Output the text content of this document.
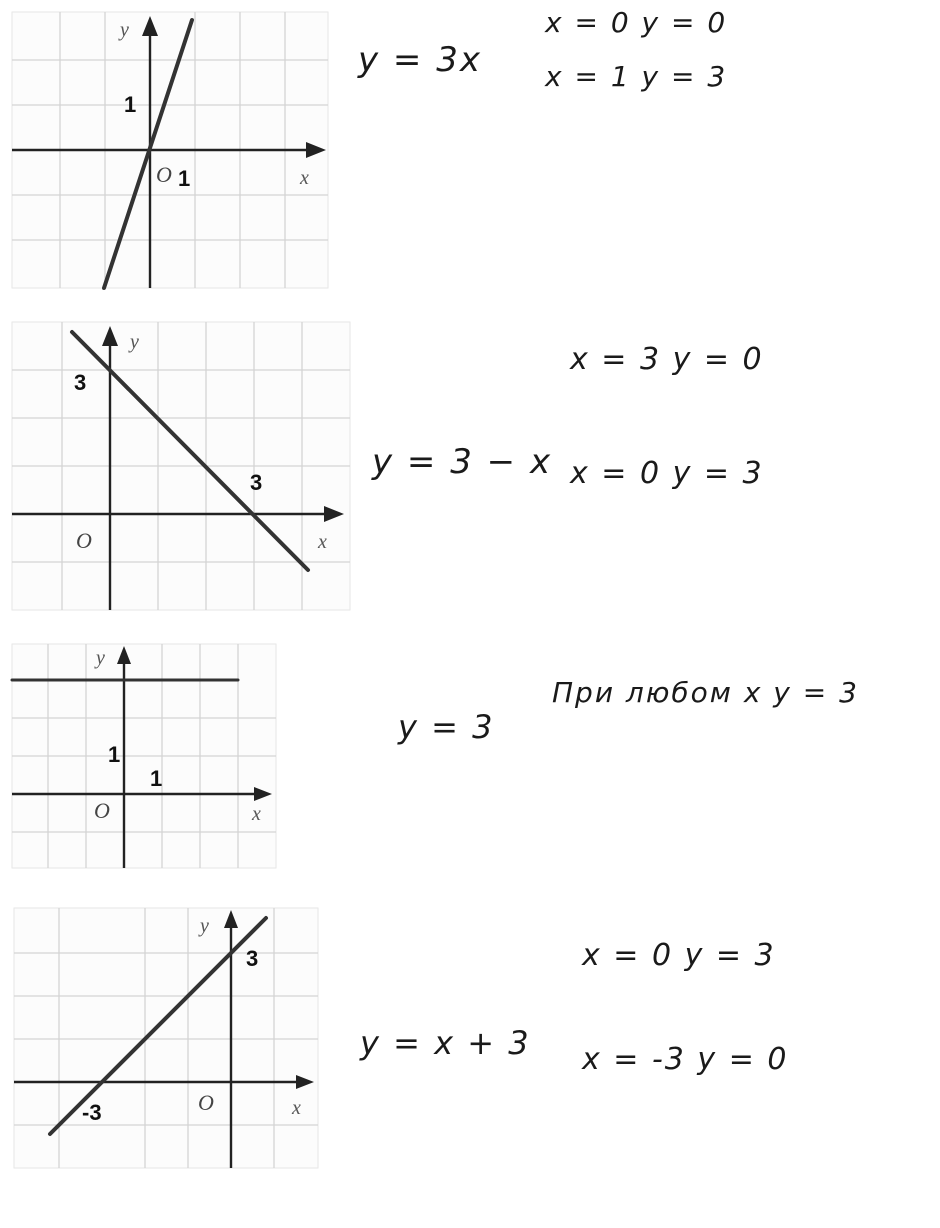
y
x
1
O 1
y = 3x
x = 0 y = 0
x = 1 y = 3
y
x
3
O
3
y = 3 − x
x = 3 y = 0
x = 0 y = 3
y
x
1
O
1
y = 3
При любом x y = 3
y
x
3
O
-3
y = x + 3
x = 0 y = 3
x = -3 y = 0
